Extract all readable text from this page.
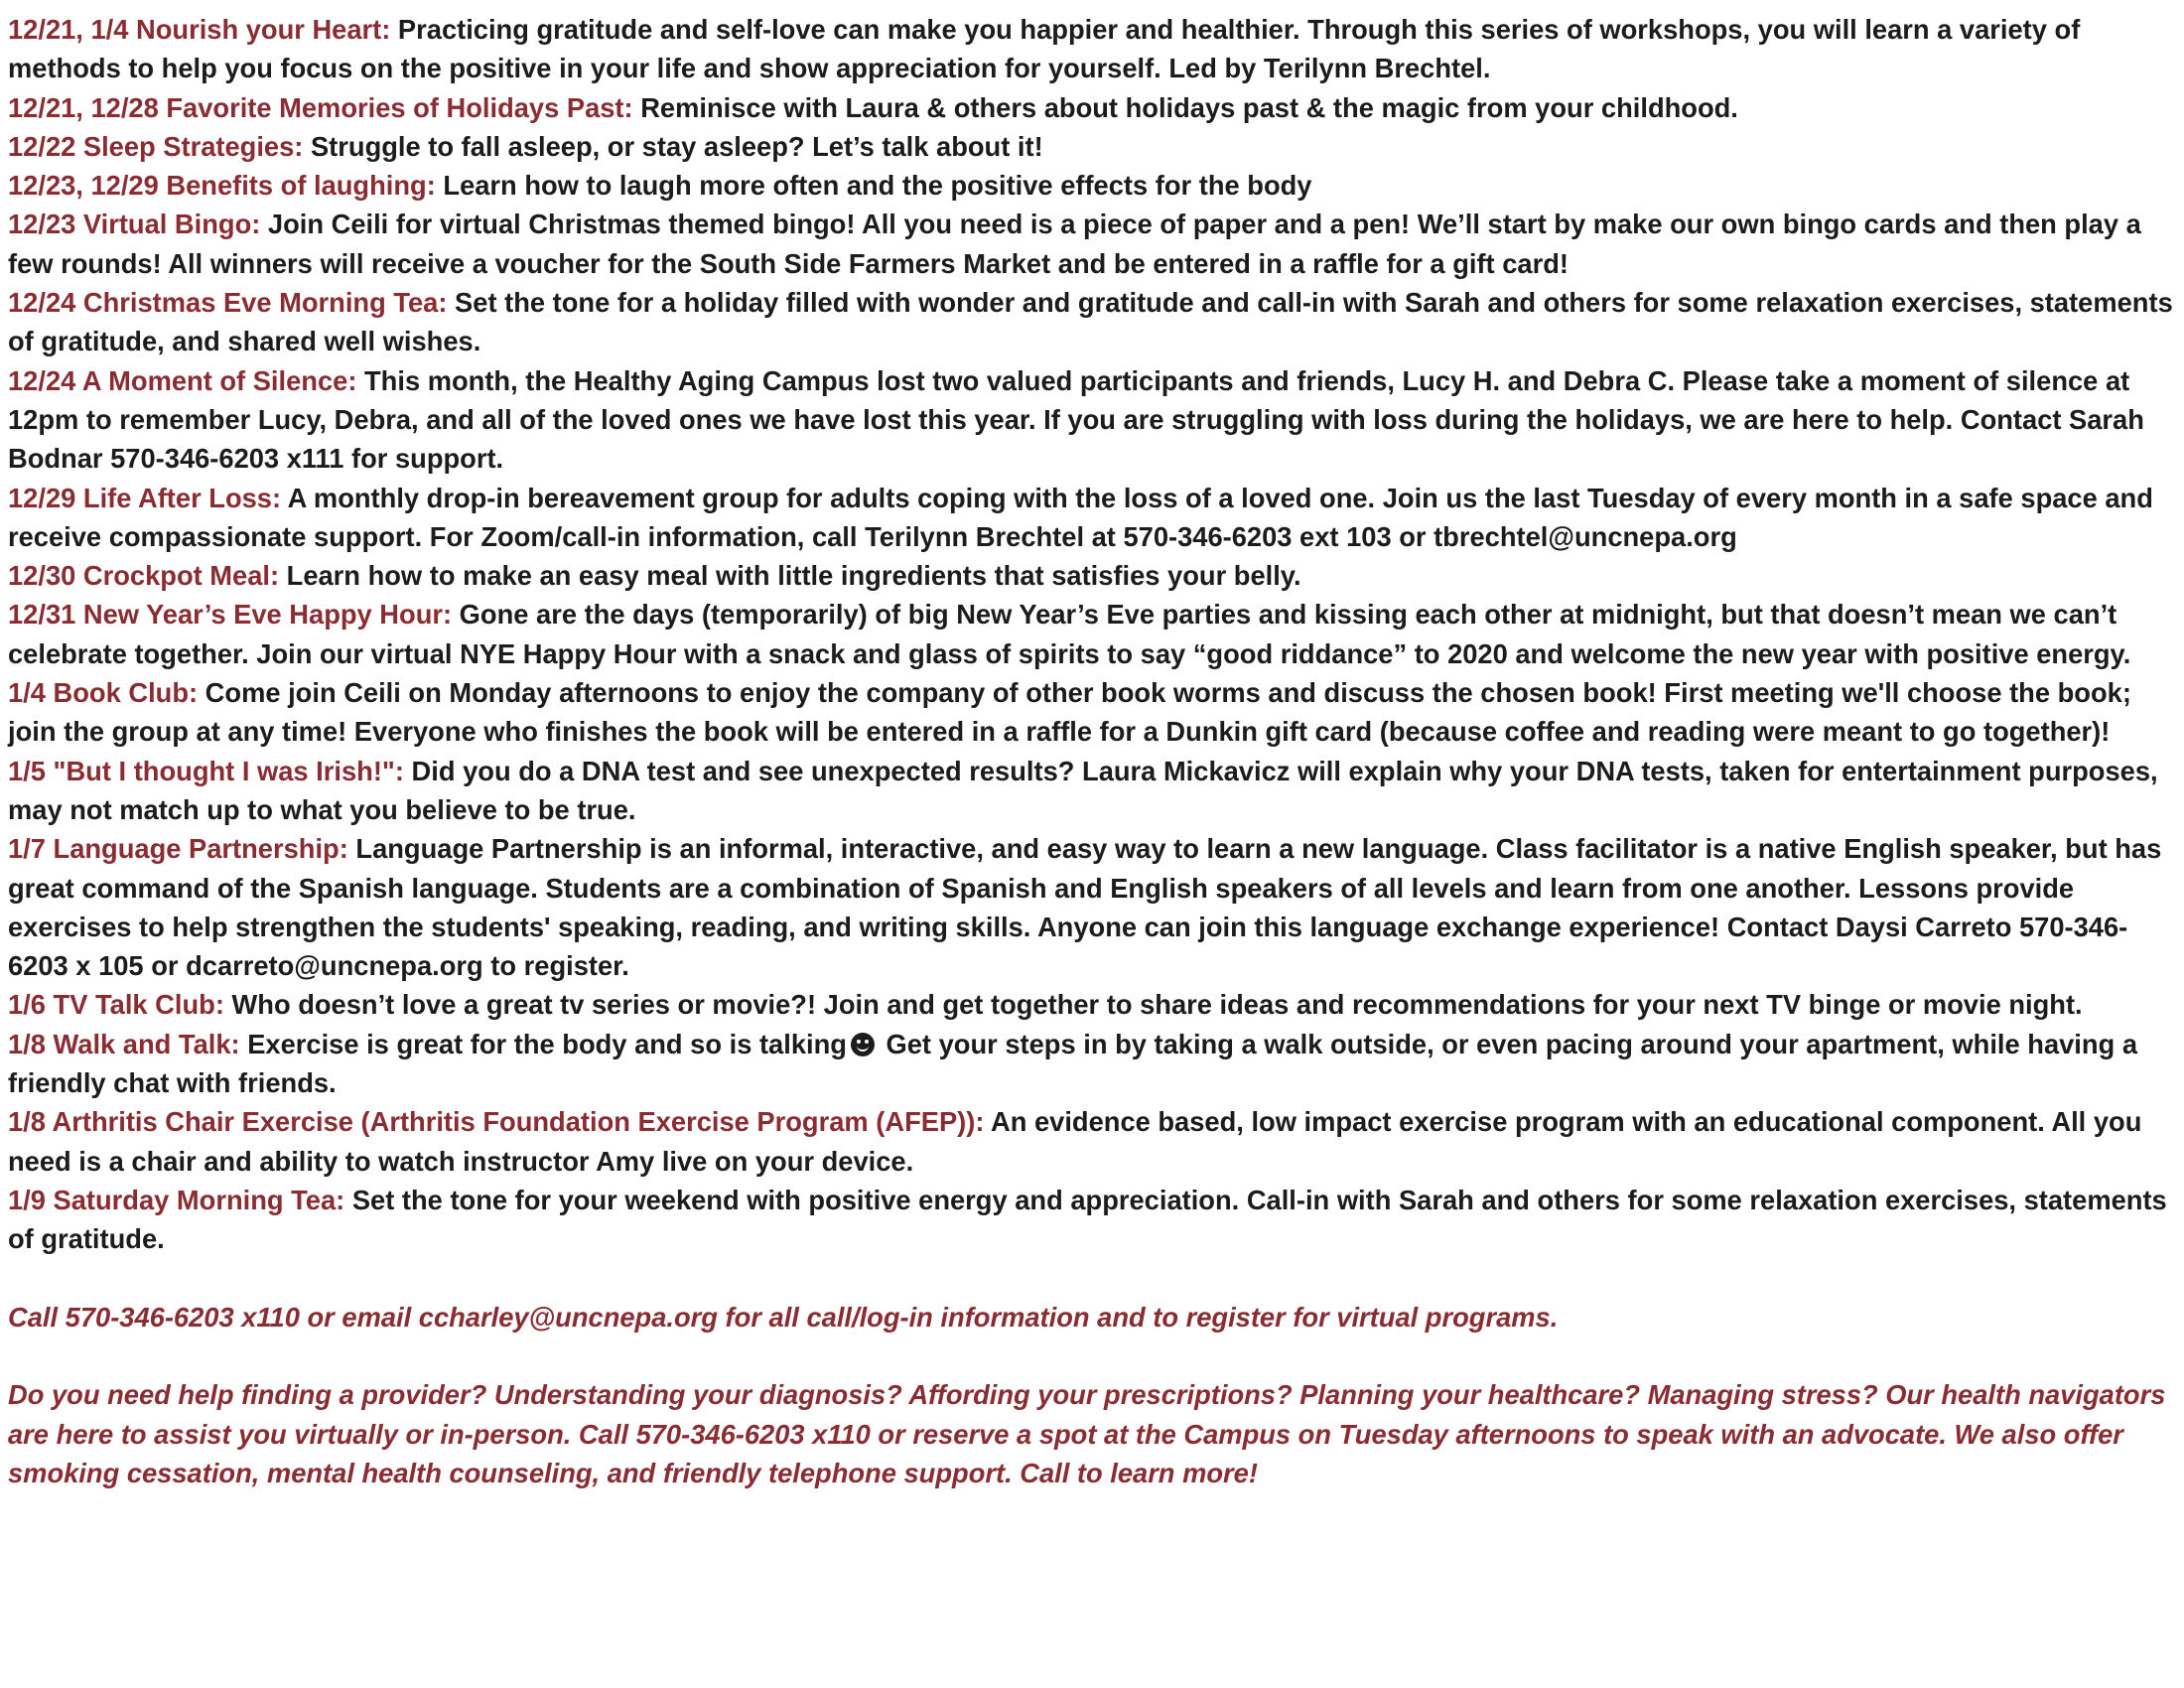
12/21, 1/4 Nourish your Heart: Practicing gratitude and self-love can make you happier and healthier. Through this series of workshops, you will learn a variety of methods to help you focus on the positive in your life and show appreciation for yourself. Led by Terilynn Brechtel.

12/21, 12/28 Favorite Memories of Holidays Past: Reminisce with Laura & others about holidays past & the magic from your childhood.

12/22 Sleep Strategies: Struggle to fall asleep, or stay asleep? Let’s talk about it!

12/23, 12/29 Benefits of laughing: Learn how to laugh more often and the positive effects for the body

12/23 Virtual Bingo: Join Ceili for virtual Christmas themed bingo! All you need is a piece of paper and a pen! We’ll start by make our own bingo cards and then play a few rounds! All winners will receive a voucher for the South Side Farmers Market and be entered in a raffle for a gift card!

12/24 Christmas Eve Morning Tea: Set the tone for a holiday filled with wonder and gratitude and call-in with Sarah and others for some relaxation exercises, statements of gratitude, and shared well wishes.

12/24 A Moment of Silence: This month, the Healthy Aging Campus lost two valued participants and friends, Lucy H. and Debra C. Please take a moment of silence at 12pm to remember Lucy, Debra, and all of the loved ones we have lost this year. If you are struggling with loss during the holidays, we are here to help. Contact Sarah Bodnar 570-346-6203 x111 for support.

12/29 Life After Loss: A monthly drop-in bereavement group for adults coping with the loss of a loved one. Join us the last Tuesday of every month in a safe space and receive compassionate support. For Zoom/call-in information, call Terilynn Brechtel at 570-346-6203 ext 103 or tbrechtel@uncnepa.org

12/30 Crockpot Meal: Learn how to make an easy meal with little ingredients that satisfies your belly.

12/31 New Year’s Eve Happy Hour: Gone are the days (temporarily) of big New Year’s Eve parties and kissing each other at midnight, but that doesn’t mean we can’t celebrate together. Join our virtual NYE Happy Hour with a snack and glass of spirits to say “good riddance” to 2020 and welcome the new year with positive energy.

1/4 Book Club: Come join Ceili on Monday afternoons to enjoy the company of other book worms and discuss the chosen book! First meeting we'll choose the book; join the group at any time! Everyone who finishes the book will be entered in a raffle for a Dunkin gift card (because coffee and reading were meant to go together)!

1/5 "But I thought I was Irish!": Did you do a DNA test and see unexpected results? Laura Mickavicz will explain why your DNA tests, taken for entertainment purposes, may not match up to what you believe to be true.

1/7 Language Partnership: Language Partnership is an informal, interactive, and easy way to learn a new language. Class facilitator is a native English speaker, but has great command of the Spanish language. Students are a combination of Spanish and English speakers of all levels and learn from one another. Lessons provide exercises to help strengthen the students' speaking, reading, and writing skills. Anyone can join this language exchange experience! Contact Daysi Carreto 570-346-6203 x 105 or dcarreto@uncnepa.org to register.

1/6 TV Talk Club: Who doesn’t love a great tv series or movie?! Join and get together to share ideas and recommendations for your next TV binge or movie night.

1/8 Walk and Talk: Exercise is great for the body and so is talking Get your steps in by taking a walk outside, or even pacing around your apartment, while having a friendly chat with friends.

1/8 Arthritis Chair Exercise (Arthritis Foundation Exercise Program (AFEP)): An evidence based, low impact exercise program with an educational component. All you need is a chair and ability to watch instructor Amy live on your device.

1/9 Saturday Morning Tea: Set the tone for your weekend with positive energy and appreciation. Call-in with Sarah and others for some relaxation exercises, statements of gratitude.

Call 570-346-6203 x110 or email ccharley@uncnepa.org for all call/log-in information and to register for virtual programs.

Do you need help finding a provider? Understanding your diagnosis? Affording your prescriptions? Planning your healthcare? Managing stress? Our health navigators are here to assist you virtually or in-person. Call 570-346-6203 x110 or reserve a spot at the Campus on Tuesday afternoons to speak with an advocate. We also offer smoking cessation, mental health counseling, and friendly telephone support. Call to learn more!
